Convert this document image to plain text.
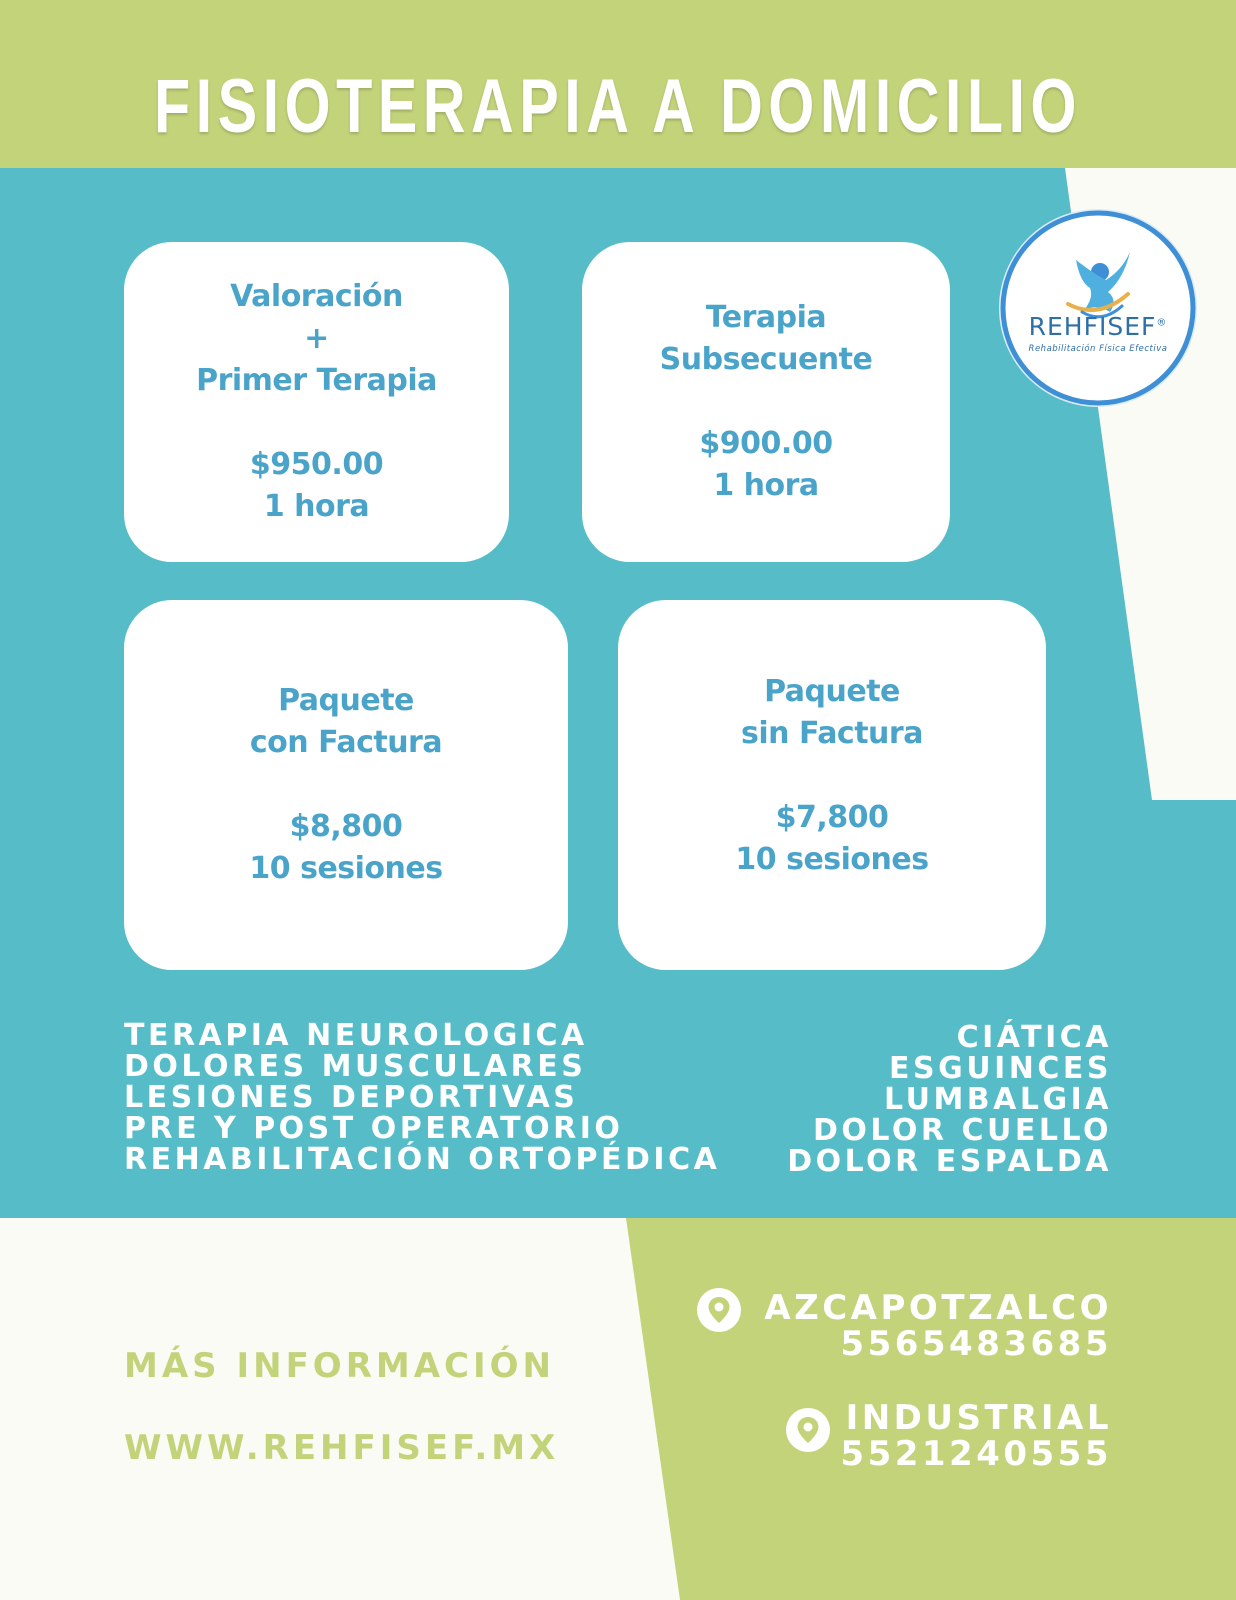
FISIOTERAPIA A DOMICILIO
REHFISEF®
Rehabilitación Física Efectiva
Valoración
+
Primer Terapia
$950.00
1 hora
Terapia
Subsecuente
$900.00
1 hora
Paquete
con Factura
$8,800
10 sesiones
Paquete
sin Factura
$7,800
10 sesiones
TERAPIA NEUROLOGICA
DOLORES MUSCULARES
LESIONES DEPORTIVAS
PRE Y POST OPERATORIO
REHABILITACIÓN ORTOPÉDICA
CIÁTICA
ESGUINCES
LUMBALGIA
DOLOR CUELLO
DOLOR ESPALDA
MÁS INFORMACIÓN
WWW.REHFISEF.MX
AZCAPOTZALCO
5565483685
INDUSTRIAL
5521240555
